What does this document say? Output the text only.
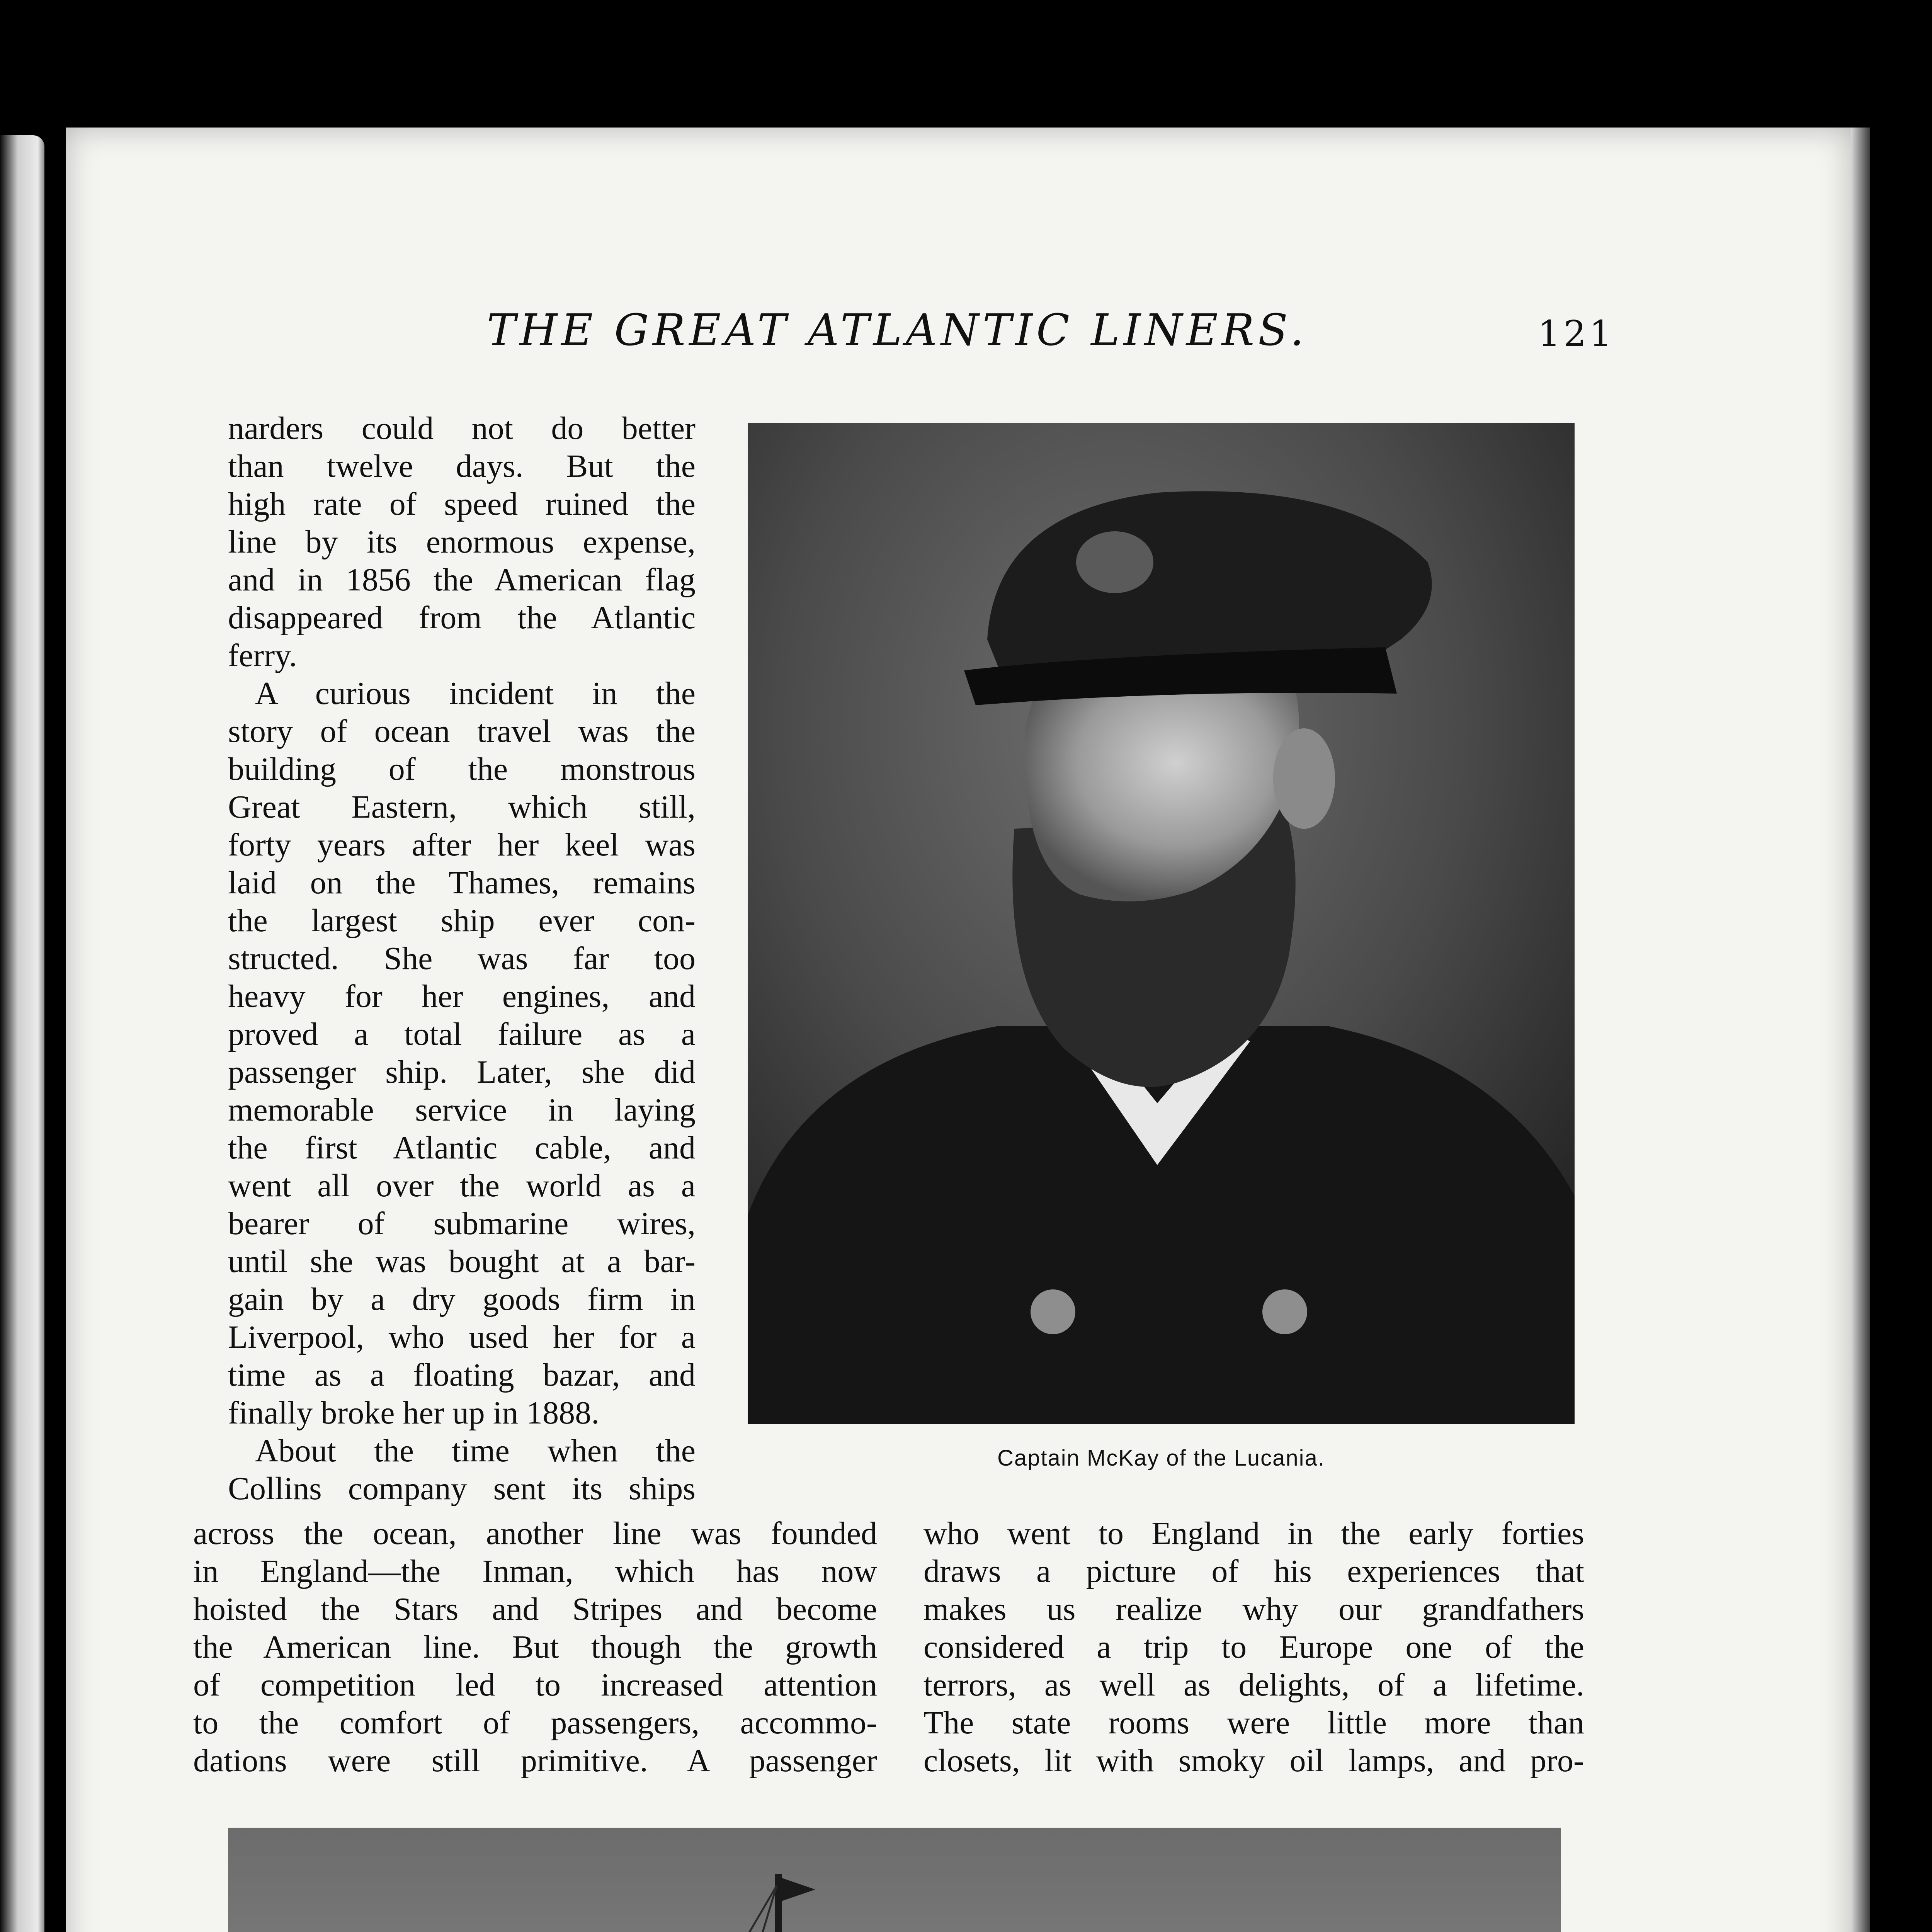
THE GREAT ATLANTIC LINERS.	121
narders could not do better
than twelve days. But the
high rate of speed ruined the
line by its enormous expense,
and in 1856 the American flag
disappeared from the Atlantic
ferry.
A curious incident in the
story of ocean travel was the
building of the monstrous
Great Eastern, which still,
forty years after her keel was
laid on the Thames, remains
the largest ship ever con-
structed. She was far too
heavy for her engines, and
proved a total failure as a
passenger ship. Later, she did
memorable service in laying
the first Atlantic cable, and
went all over the world as a
bearer of submarine wires,
until she was bought at a bar-
gain by a dry goods firm in
Liverpool, who used her for a
time as a floating bazar, and
finally broke her up in 1888.
About the time when the
Collins company sent its ships
Captain McKay of the Lucania.
across the ocean, another line was founded
in England—the Inman, which has now
hoisted the Stars and Stripes and become
the American line. But though the growth
of competition led to increased attention
to the comfort of passengers, accommo-
dations were still primitive. A passenger
who went to England in the early forties
draws a picture of his experiences that
makes us realize why our grandfathers
considered a trip to Europe one of the
terrors, as well as delights, of a lifetime.
The state rooms were little more than
closets, lit with smoky oil lamps, and pro-
